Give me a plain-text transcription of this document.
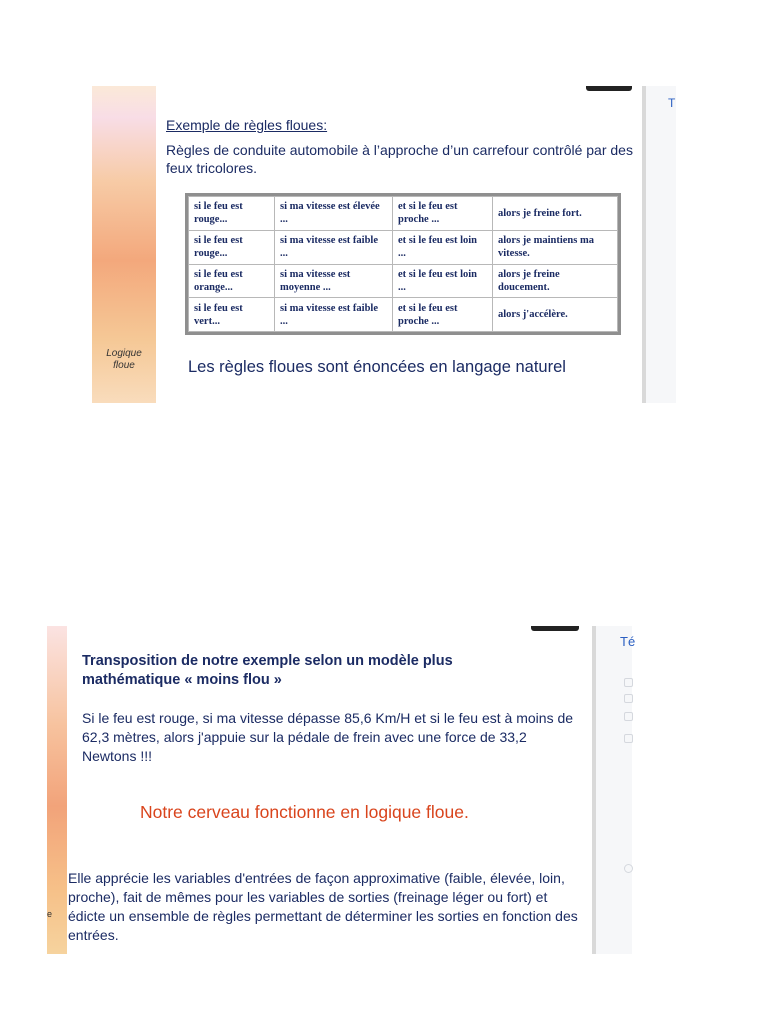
Logique floue
Exemple de règles floues:
Règles de conduite automobile à l’approche d’un carrefour contrôlé par des feux tricolores.
si le feu est rouge...	si ma vitesse est élevée ...	et si le feu est proche ...	alors je freine fort.
si le feu est rouge...	si ma vitesse est faible ...	et si le feu est loin ...	alors je maintiens ma vitesse.
si le feu est orange...	si ma vitesse est moyenne ...	et si le feu est loin ...	alors je freine doucement.
si le feu est vert...	si ma vitesse est faible ...	et si le feu est proche ...	alors j'accélère.
Les règles floues sont énoncées en langage naturel
T
e
Transposition de notre exemple selon un modèle plus mathématique « moins flou »
Si le feu est rouge, si ma vitesse dépasse 85,6 Km/H et si le feu est à moins de 62,3 mètres, alors j'appuie sur la pédale de frein avec une force de 33,2 Newtons !!!
Notre cerveau fonctionne en logique floue.
Elle apprécie les variables d'entrées de façon approximative (faible, élevée, loin, proche), fait de mêmes pour les variables de sorties (freinage léger ou fort) et édicte un ensemble de règles permettant de déterminer les sorties en fonction des entrées.
Té
